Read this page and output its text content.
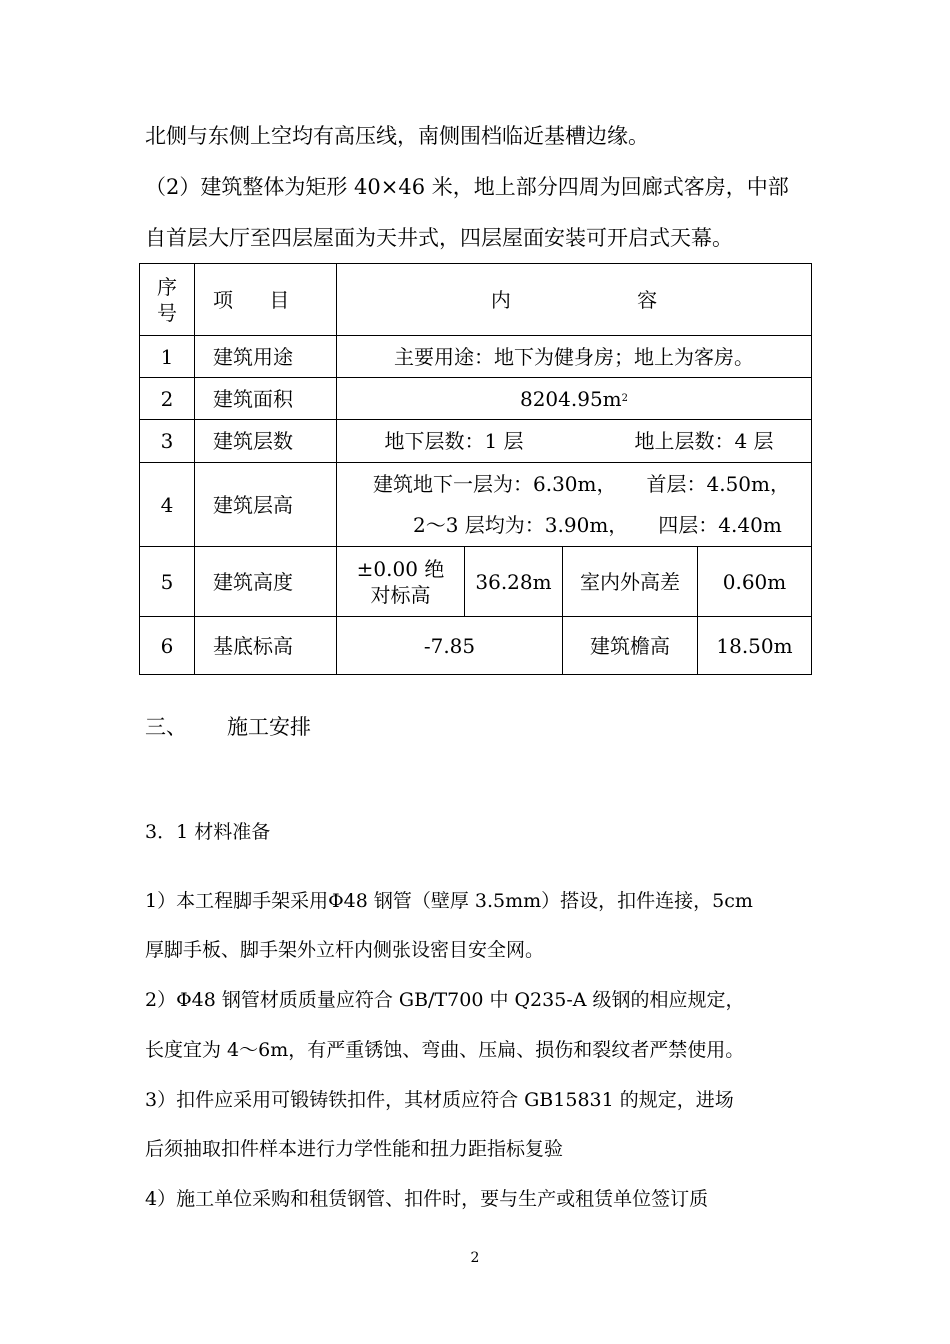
北侧与东侧上空均有高压线，南侧围档临近基槽边缘。
（2）建筑整体为矩形 40×46 米，地上部分四周为回廊式客房，中部
自首层大厅至四层屋面为天井式，四层屋面安装可开启式天幕。
序号	项 目	内 容			
1	建筑用途	主要用途：地下为健身房；地上为客房。			
2	建筑面积	$8204.95m^2$
3	建筑层数	地下层数：1 层 地上层数：4 层			
4	建筑层高	建筑地下一层为：6.30m，　　首层：4.50m，
2～3 层均为：3.90m，　　四层：4.40m			

5	建筑高度	±0.00 绝对标高	36.28m	室内外高差	0.60m
6	基底标高	-7.85		建筑檐高	18.50m
三、 施工安排
3．1 材料准备
1）本工程脚手架采用Φ48 钢管（壁厚 3.5mm）搭设，扣件连接，5cm
厚脚手板、脚手架外立杆内侧张设密目安全网。
2）Φ48 钢管材质质量应符合 GB/T700 中 Q235-A 级钢的相应规定，
长度宜为 4～6m，有严重锈蚀、弯曲、压扁、损伤和裂纹者严禁使用。
3）扣件应采用可锻铸铁扣件，其材质应符合 GB15831 的规定，进场
后须抽取扣件样本进行力学性能和扭力距指标复验
4）施工单位采购和租赁钢管、扣件时，要与生产或租赁单位签订质
2
